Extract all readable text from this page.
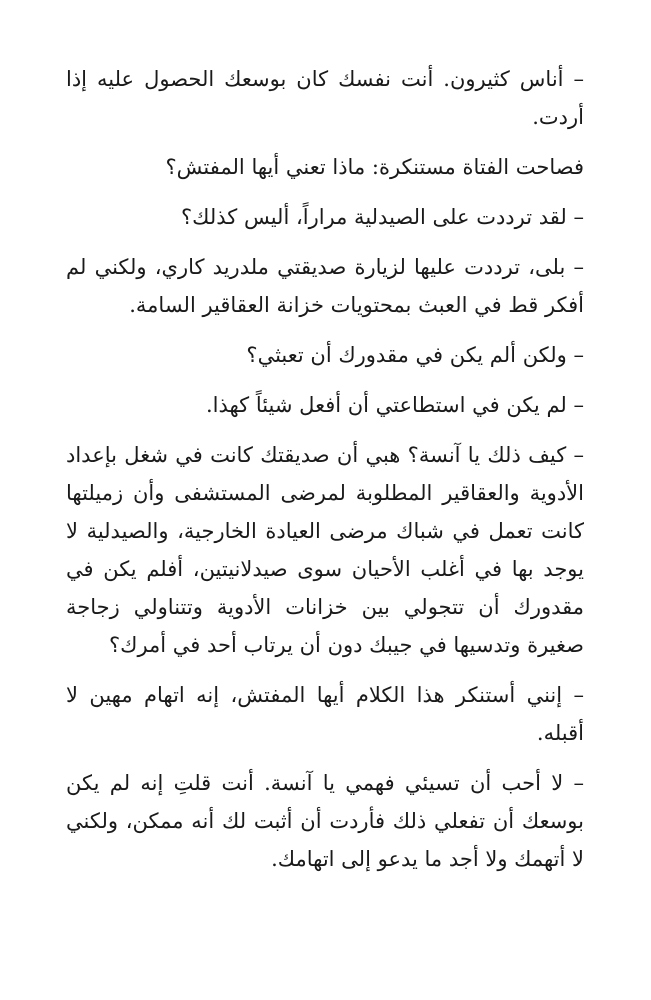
– أناس كثيرون. أنت نفسك كان بوسعك الحصول عليه إذا أردت.

فصاحت الفتاة مستنكرة: ماذا تعني أيها المفتش؟

– لقد ترددت على الصيدلية مراراً، أليس كذلك؟

– بلى، ترددت عليها لزيارة صديقتي ملدريد كاري، ولكني لم أفكر قط في العبث بمحتويات خزانة العقاقير السامة.

– ولكن ألم يكن في مقدورك أن تعبثي؟

– لم يكن في استطاعتي أن أفعل شيئاً كهذا.

– كيف ذلك يا آنسة؟ هبي أن صديقتك كانت في شغل بإعداد الأدوية والعقاقير المطلوبة لمرضى المستشفى وأن زميلتها كانت تعمل في شباك مرضى العيادة الخارجية، والصيدلية لا يوجد بها في أغلب الأحيان سوى صيدلانيتين، أفلم يكن في مقدورك أن تتجولي بين خزانات الأدوية وتتناولي زجاجة صغيرة وتدسيها في جيبك دون أن يرتاب أحد في أمرك؟

– إنني أستنكر هذا الكلام أيها المفتش، إنه اتهام مهين لا أقبله.

– لا أحب أن تسيئي فهمي يا آنسة. أنت قلتِ إنه لم يكن بوسعك أن تفعلي ذلك فأردت أن أثبت لك أنه ممكن، ولكني لا أتهمك ولا أجد ما يدعو إلى اتهامك.
